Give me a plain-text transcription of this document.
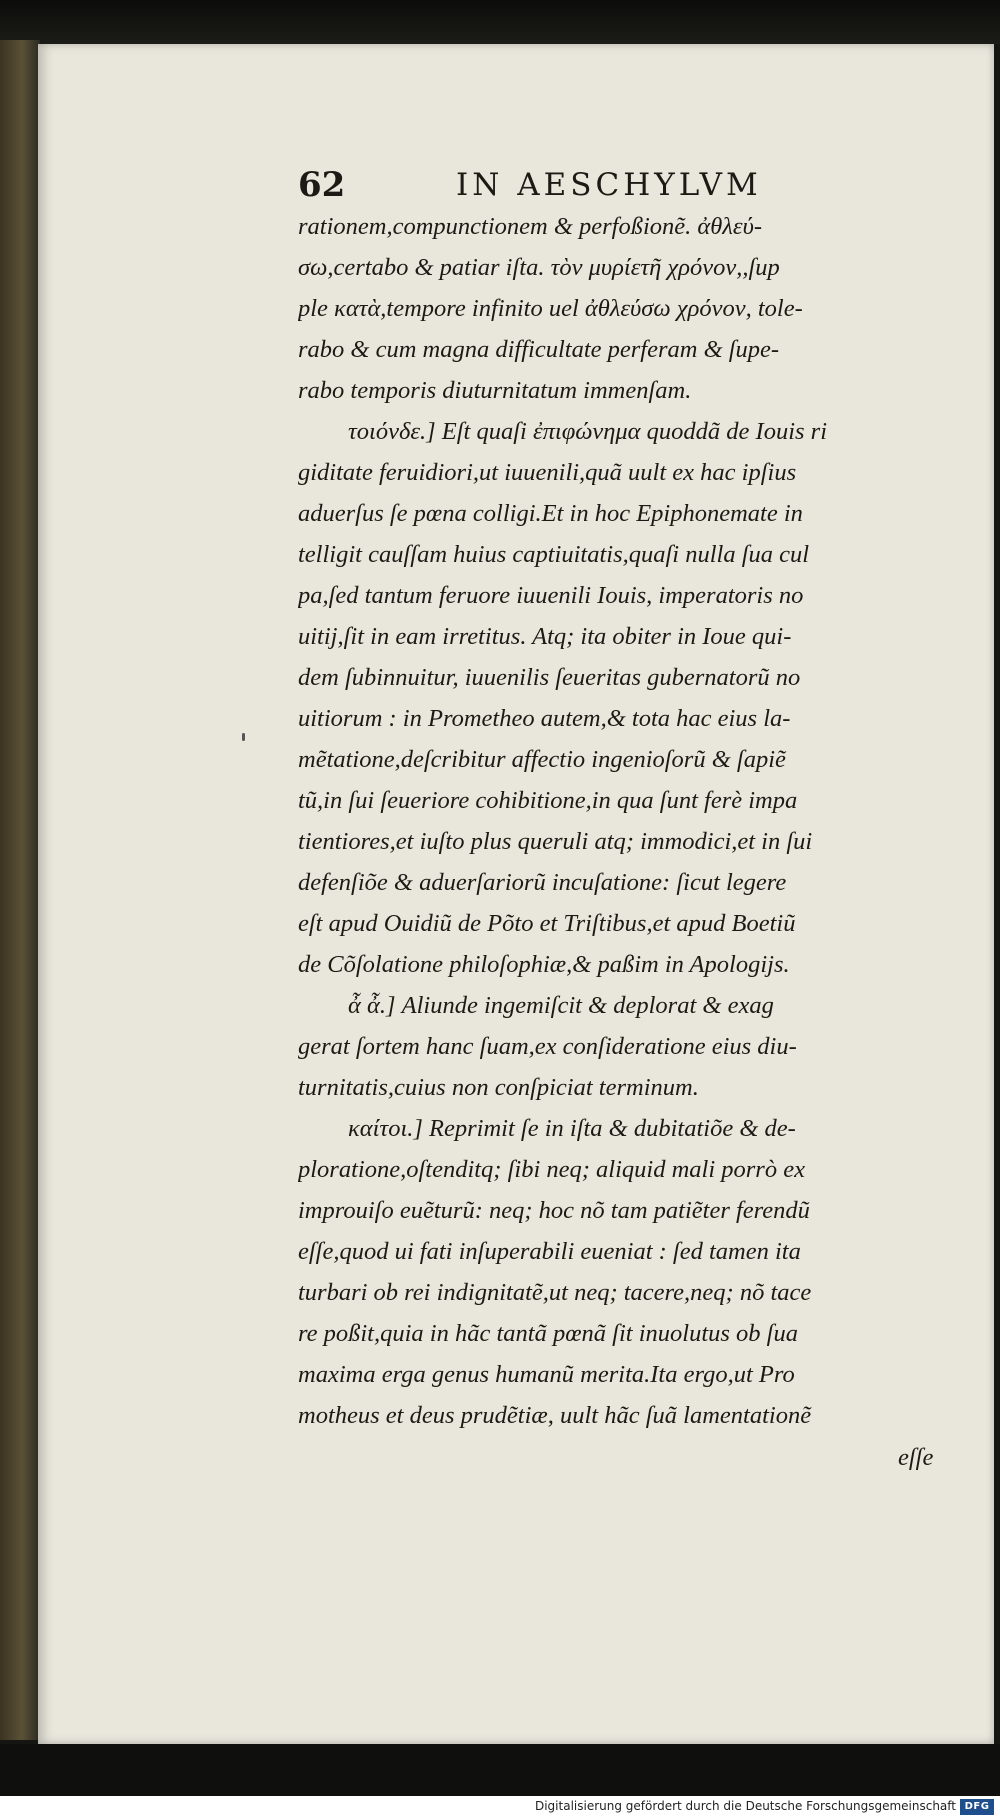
62	IN AESCHYLVM
rationem,compunctionem & perfoßionẽ. ἀθλεύ-
σω,certabo & patiar iſta. τὸν μυρίετῆ χρόνον,,ſup
ple κατὰ,tempore infinito uel ἀθλεύσω χρόνον, tole-
rabo & cum magna difficultate perferam & ſupe-
rabo temporis diuturnitatum immenſam.
τοιόνδε.] Eſt quaſi ἐπιφώνημα quoddã de Iouis ri
giditate feruidiori,ut iuuenili,quã uult ex hac ipſius
aduerſus ſe pœna colligi.Et in hoc Epiphonemate in
telligit cauſſam huius captiuitatis,quaſi nulla ſua cul
pa,ſed tantum feruore iuuenili Iouis, imperatoris no
uitij,ſit in eam irretitus. Atq; ita obiter in Ioue qui-
dem ſubinnuitur, iuuenilis ſeueritas gubernatorũ no
uitiorum : in Prometheo autem,& tota hac eius la-
mẽtatione,deſcribitur affectio ingenioſorũ & ſapiẽ
tũ,in ſui ſeueriore cohibitione,in qua ſunt ferè impa
tientiores,et iuſto plus queruli atq; immodici,et in ſui
defenſiõe & aduerſariorũ incuſatione: ſicut legere
eſt apud Ouidiũ de Põto et Triſtibus,et apud Boetiũ
de Cõſolatione philoſophiæ,& paßim in Apologijs.
ἆ ἆ.] Aliunde ingemiſcit & deplorat & exag
gerat ſortem hanc ſuam,ex conſideratione eius diu-
turnitatis,cuius non conſpiciat terminum.
καίτοι.] Reprimit ſe in iſta & dubitatiõe & de-
ploratione,oſtenditq; ſibi neq; aliquid mali porrò ex
improuiſo euẽturũ: neq; hoc nõ tam patiẽter ferendũ
eſſe,quod ui fati inſuperabili eueniat : ſed tamen ita
turbari ob rei indignitatẽ,ut neq; tacere,neq; nõ tace
re poßit,quia in hãc tantã pœnã ſit inuolutus ob ſua
maxima erga genus humanũ merita.Ita ergo,ut Pro
motheus et deus prudẽtiæ, uult hãc ſuã lamentationẽ
eſſe
Digitalisierung gefördert durch die Deutsche Forschungsgemeinschaft DFG
